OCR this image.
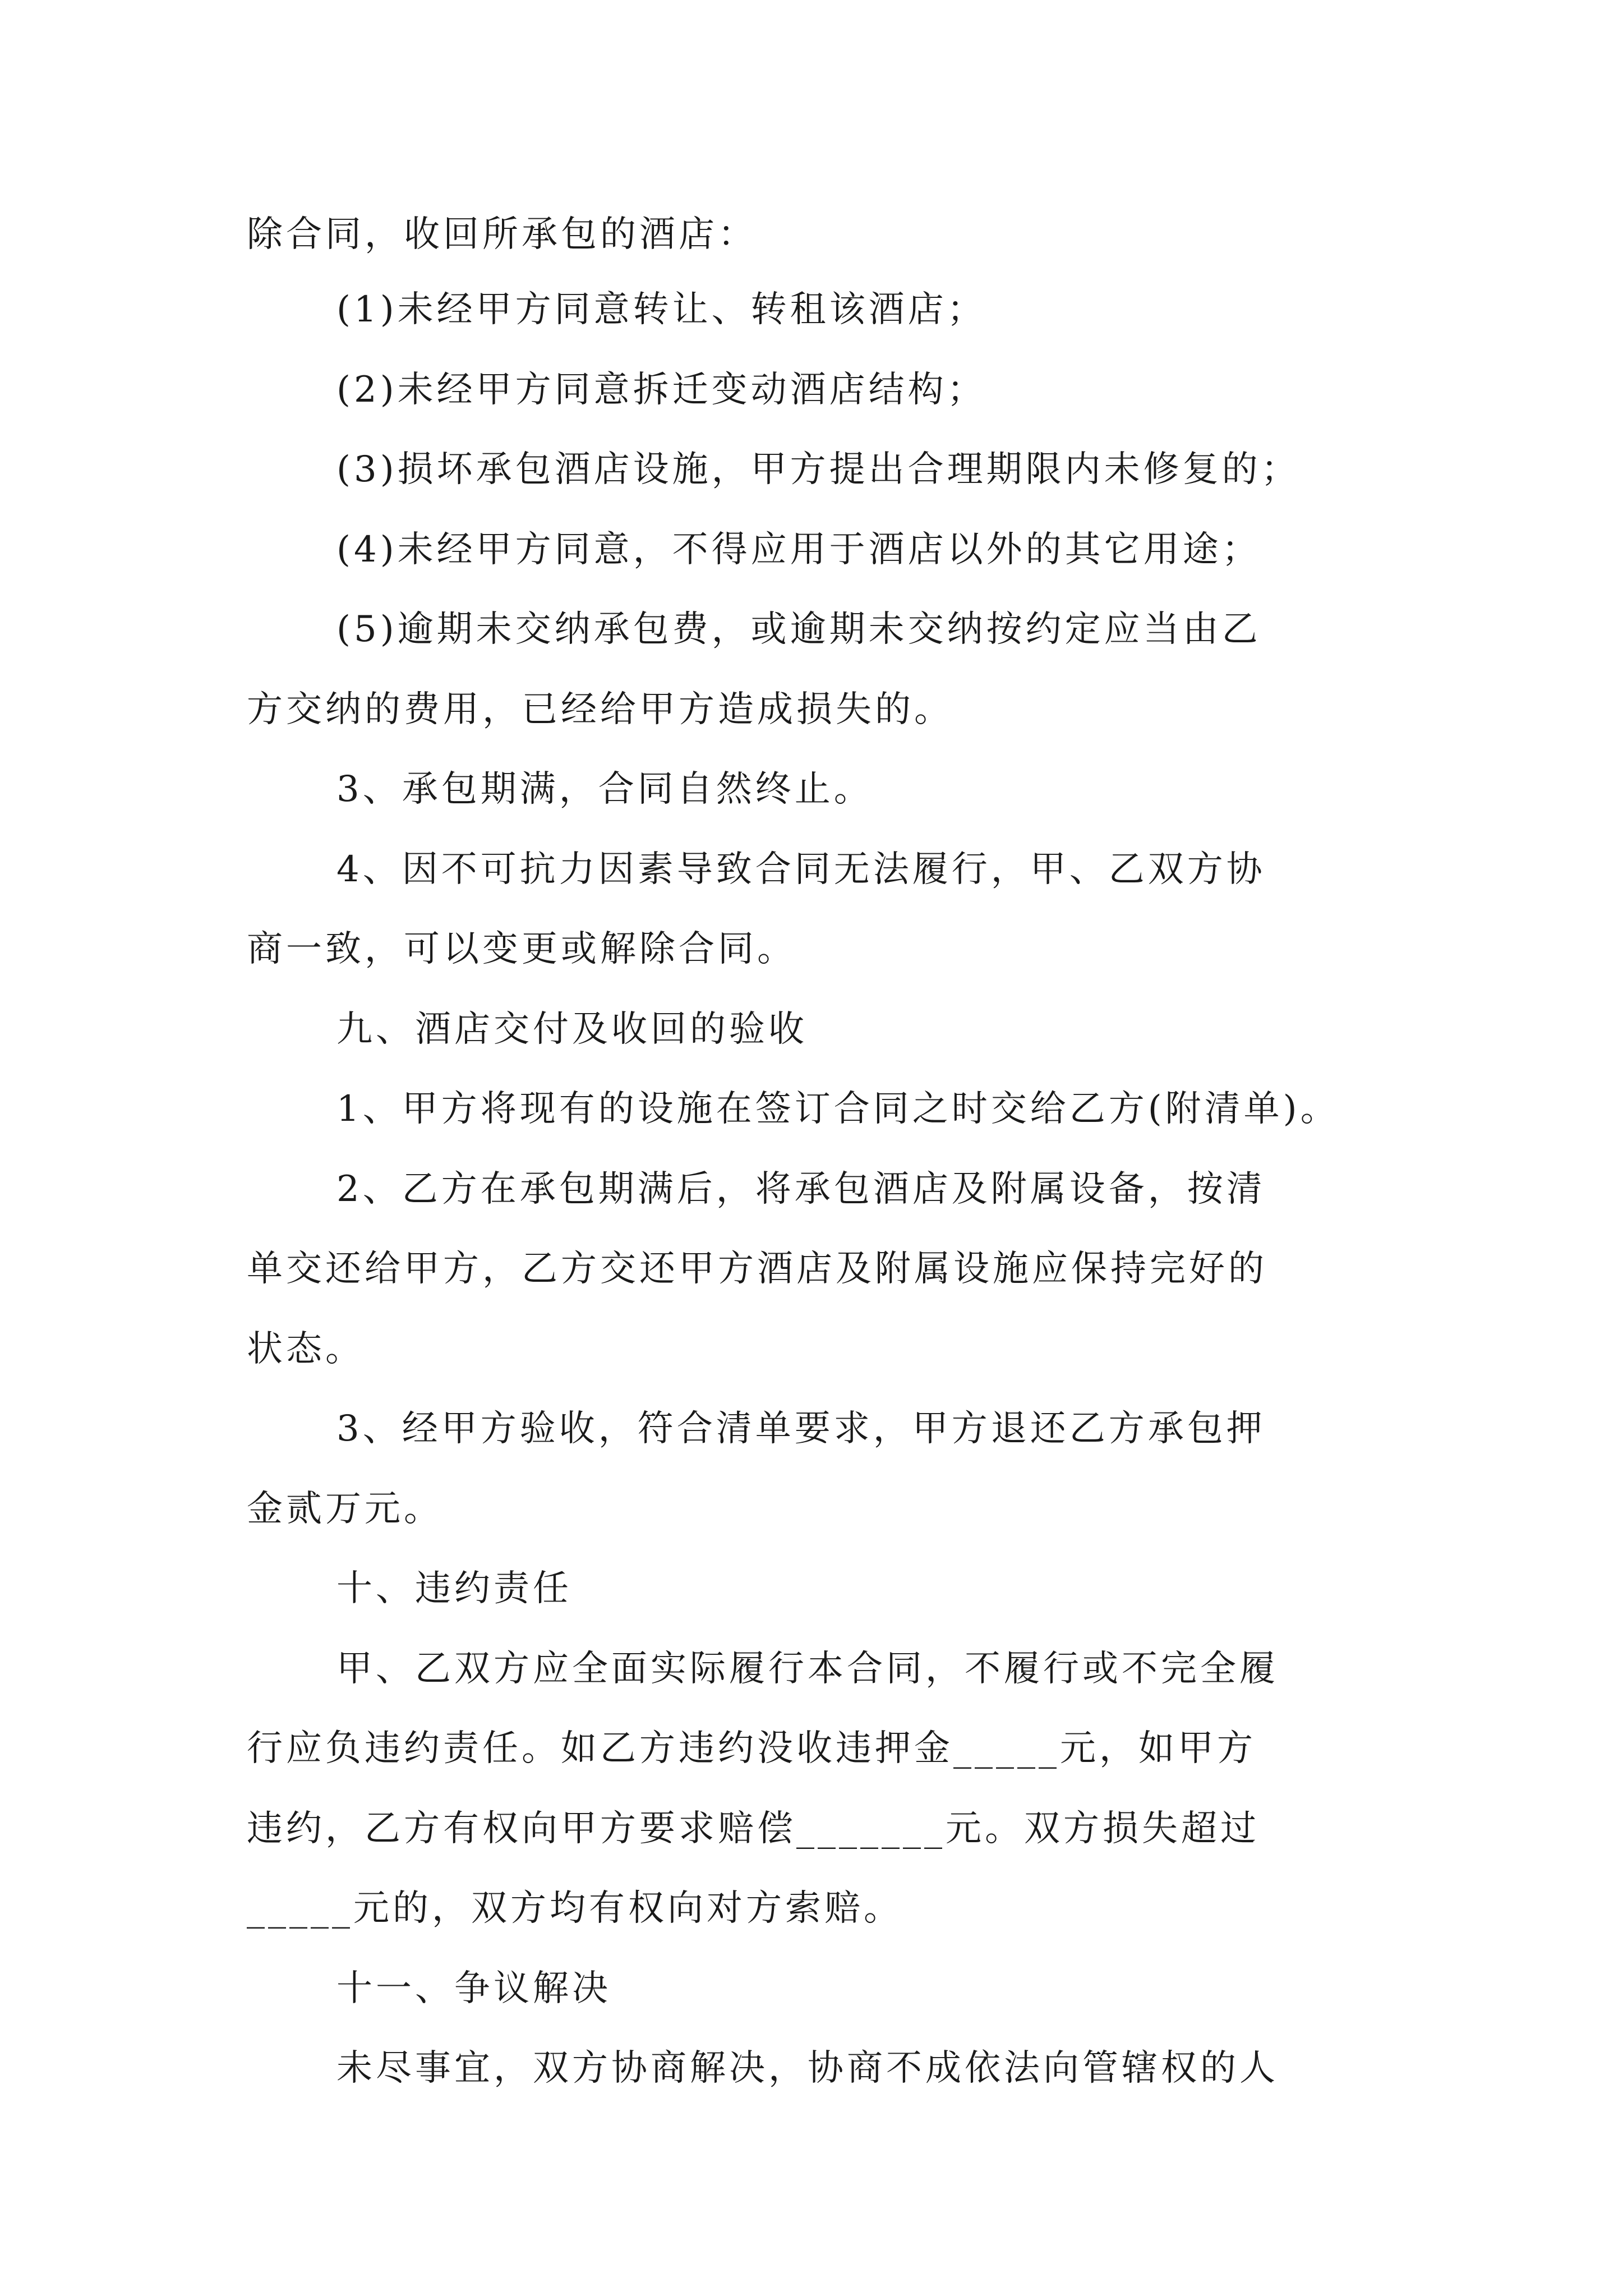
除合同，收回所承包的酒店：
(1)未经甲方同意转让、转租该酒店；
(2)未经甲方同意拆迁变动酒店结构；
(3)损坏承包酒店设施，甲方提出合理期限内未修复的；
(4)未经甲方同意，不得应用于酒店以外的其它用途；
(5)逾期未交纳承包费，或逾期未交纳按约定应当由乙
方交纳的费用，已经给甲方造成损失的。
3、承包期满，合同自然终止。
4、因不可抗力因素导致合同无法履行，甲、乙双方协
商一致，可以变更或解除合同。
九、酒店交付及收回的验收
1、甲方将现有的设施在签订合同之时交给乙方(附清单)。
2、乙方在承包期满后，将承包酒店及附属设备，按清
单交还给甲方，乙方交还甲方酒店及附属设施应保持完好的
状态。
3、经甲方验收，符合清单要求，甲方退还乙方承包押
金贰万元。
十、违约责任
甲、乙双方应全面实际履行本合同，不履行或不完全履
行应负违约责任。如乙方违约没收违押金_____元，如甲方
违约，乙方有权向甲方要求赔偿_______元。双方损失超过
_____元的，双方均有权向对方索赔。
十一、争议解决
未尽事宜，双方协商解决，协商不成依法向管辖权的人
